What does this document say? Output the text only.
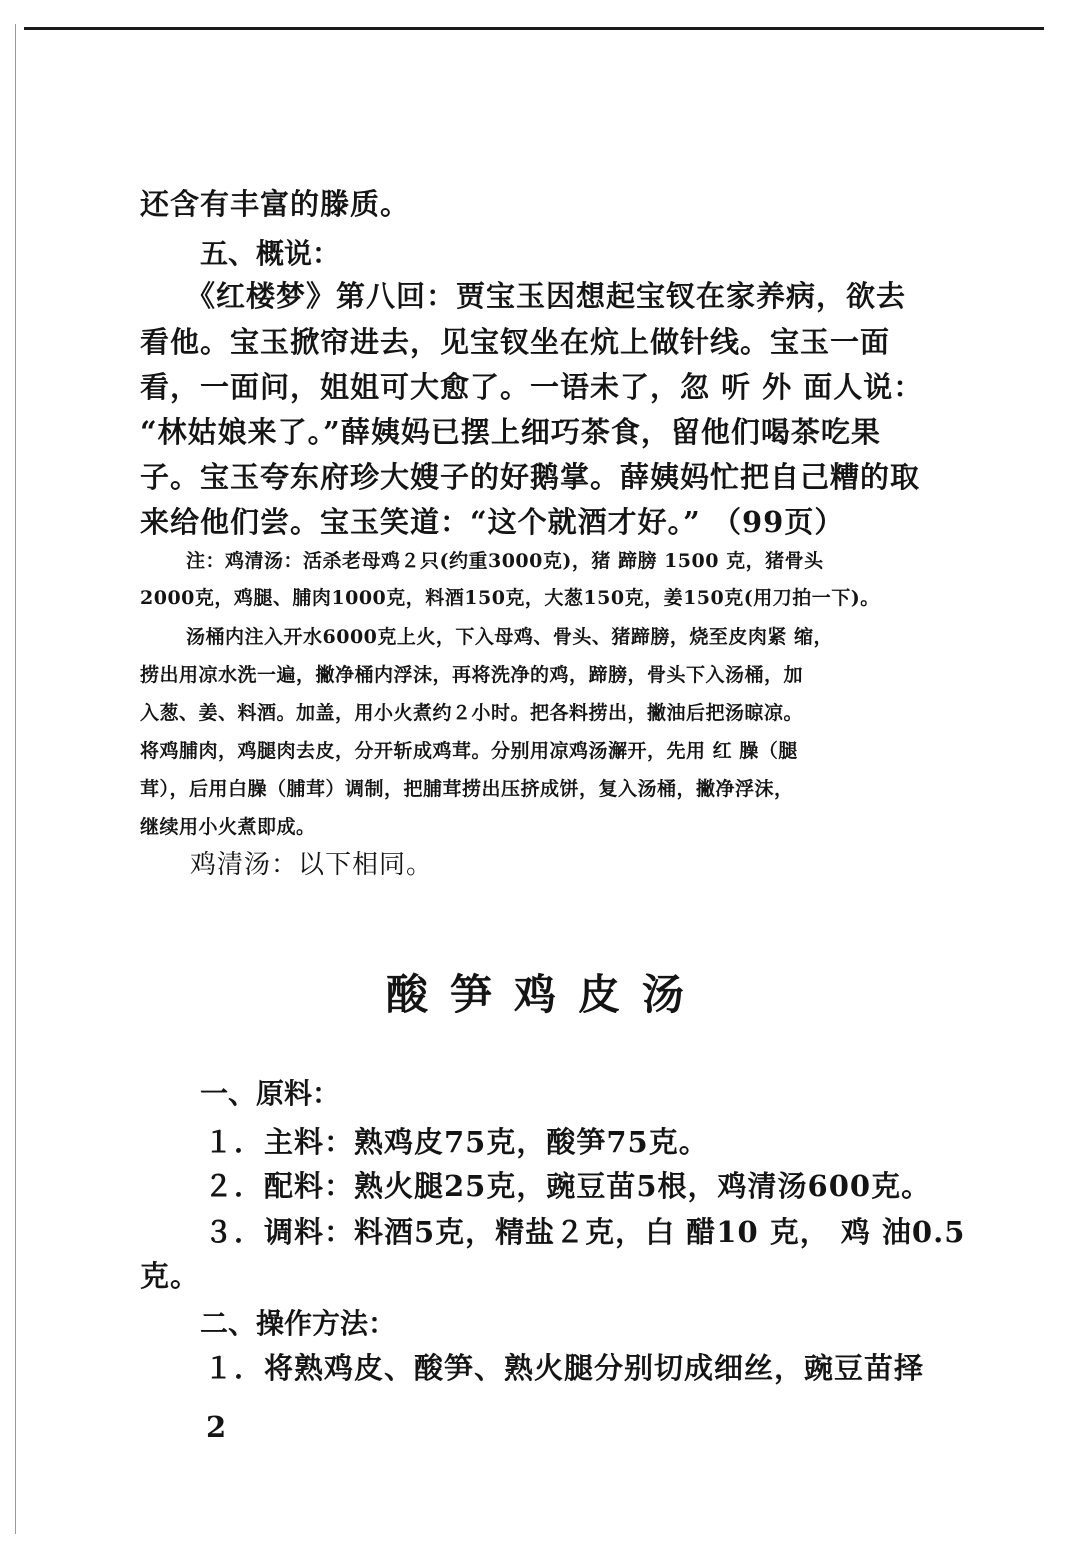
还含有丰富的滕质。

五、概说：

《红楼梦》第八回：贾宝玉因想起宝钗在家养病，欲去

看他。宝玉掀帘进去，见宝钗坐在炕上做针线。宝玉一面

看，一面问，姐姐可大愈了。一语未了，忽 听 外 面人说：

“林姑娘来了。”薛姨妈已摆上细巧茶食，留他们喝茶吃果

子。宝玉夸东府珍大嫂子的好鹅掌。薛姨妈忙把自己糟的取

来给他们尝。宝玉笑道：“这个就酒才好。” （99页）

注：鸡清汤：活杀老母鸡２只(约重3000克)，猪 蹄膀 1500 克，猪骨头

2000克，鸡腿、脯肉1000克，料酒150克，大葱150克，姜150克(用刀拍一下)。

汤桶内注入开水6000克上火，下入母鸡、骨头、猪蹄膀，烧至皮肉紧 缩，

捞出用凉水洗一遍，撇净桶内浮沫，再将洗净的鸡，蹄膀，骨头下入汤桶，加

入葱、姜、料酒。加盖，用小火煮约２小时。把各料捞出，撇油后把汤晾凉。

将鸡脯肉，鸡腿肉去皮，分开斩成鸡茸。分别用凉鸡汤澥开，先用 红 臊（腿

茸），后用白臊（脯茸）调制，把脯茸捞出压挤成饼，复入汤桶，撇净浮沫，

继续用小火煮即成。

鸡清汤：以下相同。

酸笋鸡皮汤

一、原料：

１．主料：熟鸡皮75克，酸笋75克。

２．配料：熟火腿25克，豌豆苗5根，鸡清汤600克。

３．调料：料酒5克，精盐２克，白 醋10 克， 鸡 油0.5

克。

二、操作方法：

１．将熟鸡皮、酸笋、熟火腿分别切成细丝，豌豆苗择

2
